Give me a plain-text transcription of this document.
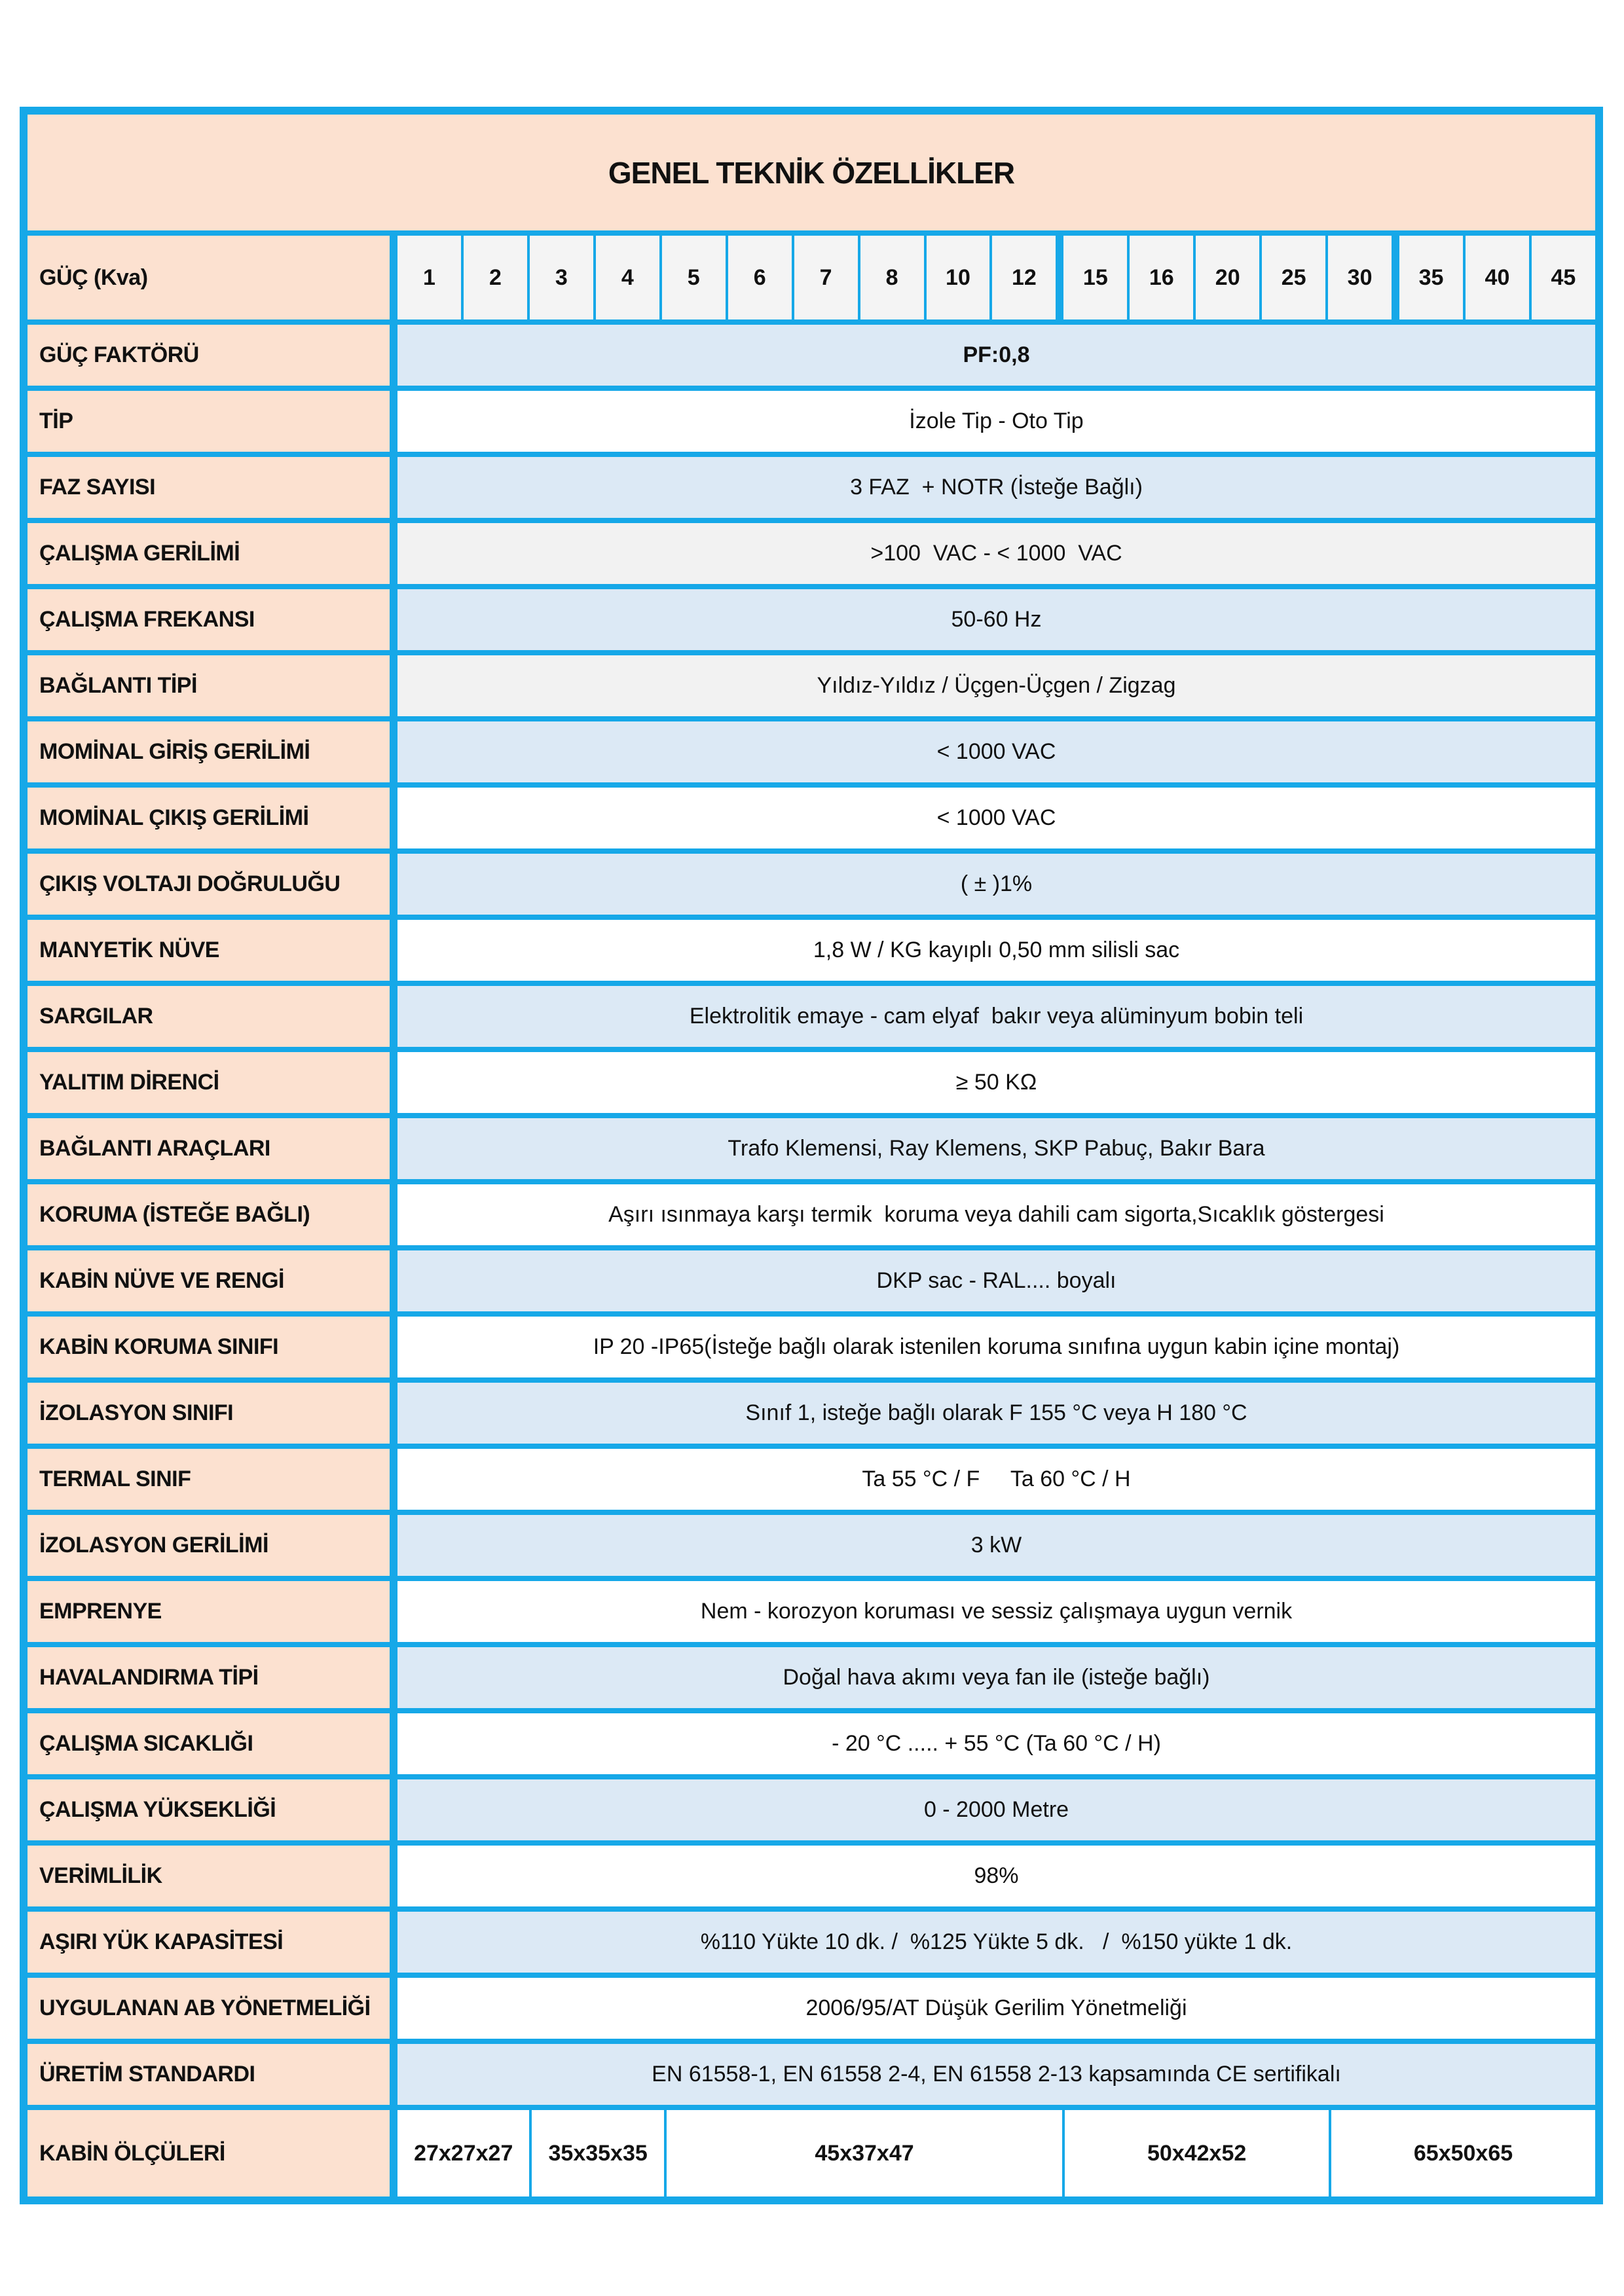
GENEL TEKNİK ÖZELLİKLER
GÜÇ (Kva)	1	2	3	4	5	6	7	8	10	12	15	16	20	25	30	35	40	45
GÜÇ FAKTÖRÜ	PF:0,8
TİP	İzole Tip - Oto Tip
FAZ SAYISI	3 FAZ  + NOTR (İsteğe Bağlı)
ÇALIŞMA GERİLİMİ	>100  VAC - < 1000  VAC
ÇALIŞMA FREKANSI	50-60 Hz
BAĞLANTI TİPİ	Yıldız-Yıldız / Üçgen-Üçgen / Zigzag
MOMİNAL GİRİŞ GERİLİMİ	< 1000 VAC
MOMİNAL ÇIKIŞ GERİLİMİ	< 1000 VAC
ÇIKIŞ VOLTAJI DOĞRULUĞU	( ± )1%
MANYETİK NÜVE	1,8 W / KG kayıplı 0,50 mm silisli sac
SARGILAR	Elektrolitik emaye - cam elyaf  bakır veya alüminyum bobin teli
YALITIM DİRENCİ	≥ 50 KΩ
BAĞLANTI ARAÇLARI	Trafo Klemensi, Ray Klemens, SKP Pabuç, Bakır Bara
KORUMA (İSTEĞE BAĞLI)	Aşırı ısınmaya karşı termik  koruma veya dahili cam sigorta,Sıcaklık göstergesi
KABİN NÜVE VE RENGİ	DKP sac - RAL.... boyalı
KABİN KORUMA SINIFI	IP 20 -IP65(İsteğe bağlı olarak istenilen koruma sınıfına uygun kabin içine montaj)
İZOLASYON SINIFI	Sınıf 1, isteğe bağlı olarak F 155 °C veya H 180 °C
TERMAL SINIF	Ta 55 °C / F     Ta 60 °C / H
İZOLASYON GERİLİMİ	3 kW
EMPRENYE	Nem - korozyon koruması ve sessiz çalışmaya uygun vernik
HAVALANDIRMA TİPİ	Doğal hava akımı veya fan ile (isteğe bağlı)
ÇALIŞMA SICAKLIĞI	- 20 °C ..... + 55 °C (Ta 60 °C / H)
ÇALIŞMA YÜKSEKLİĞİ	0 - 2000 Metre
VERİMLİLİK	98%
AŞIRI YÜK KAPASİTESİ	%110 Yükte 10 dk. /  %125 Yükte 5 dk.   /  %150 yükte 1 dk.
UYGULANAN AB YÖNETMELİĞİ	2006/95/AT Düşük Gerilim Yönetmeliği
ÜRETİM STANDARDI	EN 61558-1, EN 61558 2-4, EN 61558 2-13 kapsamında CE sertifikalı
KABİN ÖLÇÜLERİ	27x27x27	35x35x35	45x37x47	50x42x52	65x50x65
